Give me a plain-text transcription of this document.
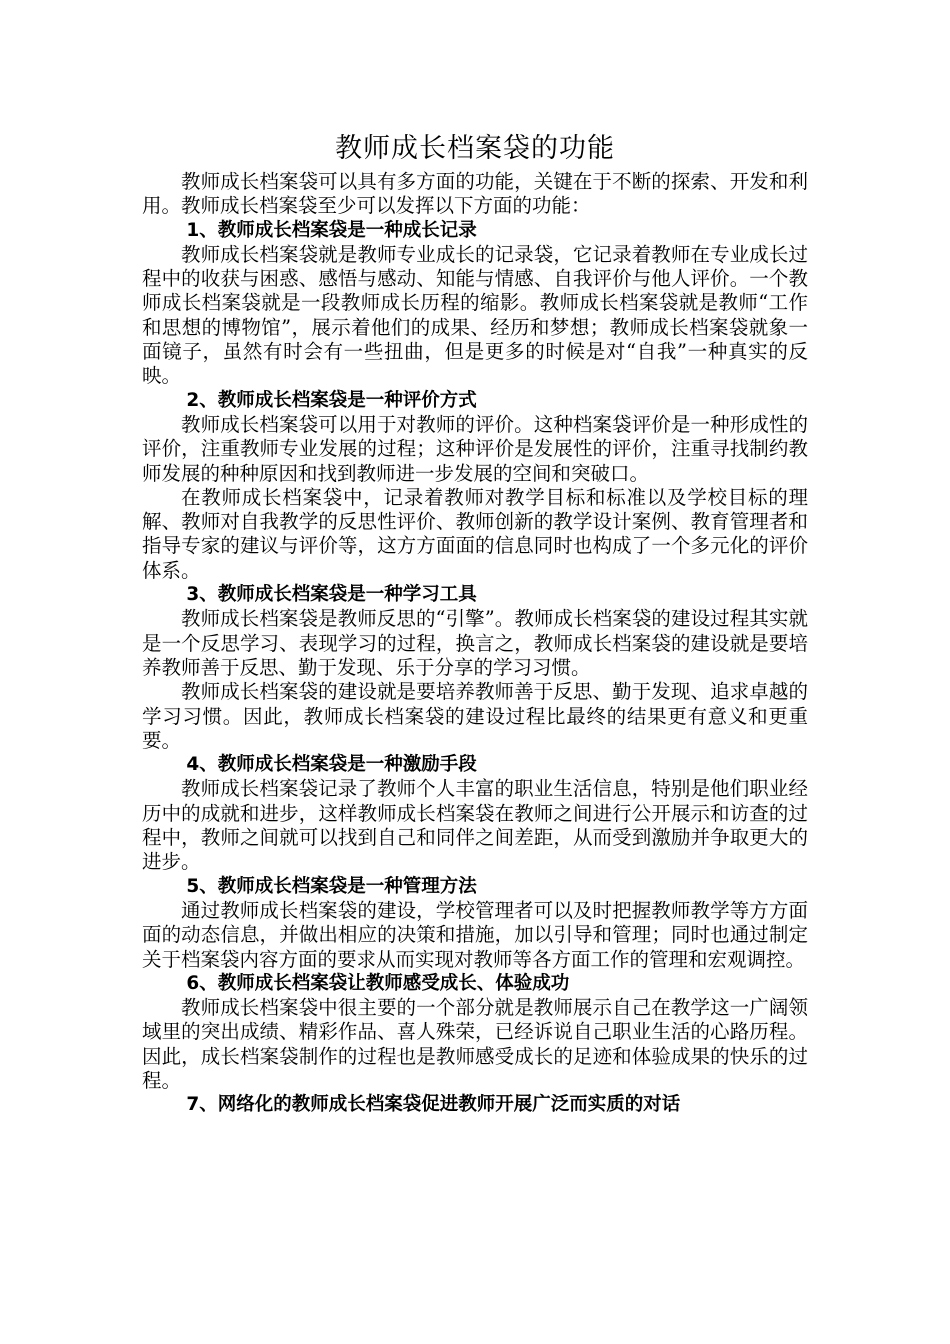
教师成长档案袋的功能

教师成长档案袋可以具有多方面的功能，关键在于不断的探索、开发和利用。教师成长档案袋至少可以发挥以下方面的功能：

1、教师成长档案袋是一种成长记录

教师成长档案袋就是教师专业成长的记录袋，它记录着教师在专业成长过程中的收获与困惑、感悟与感动、知能与情感、自我评价与他人评价。一个教师成长档案袋就是一段教师成长历程的缩影。教师成长档案袋就是教师“工作和思想的博物馆”，展示着他们的成果、经历和梦想；教师成长档案袋就象一面镜子，虽然有时会有一些扭曲，但是更多的时候是对“自我”一种真实的反映。

2、教师成长档案袋是一种评价方式

教师成长档案袋可以用于对教师的评价。这种档案袋评价是一种形成性的评价，注重教师专业发展的过程；这种评价是发展性的评价，注重寻找制约教师发展的种种原因和找到教师进一步发展的空间和突破口。

在教师成长档案袋中，记录着教师对教学目标和标准以及学校目标的理解、教师对自我教学的反思性评价、教师创新的教学设计案例、教育管理者和指导专家的建议与评价等，这方方面面的信息同时也构成了一个多元化的评价体系。

3、教师成长档案袋是一种学习工具

教师成长档案袋是教师反思的“引擎”。教师成长档案袋的建设过程其实就是一个反思学习、表现学习的过程，换言之，教师成长档案袋的建设就是要培养教师善于反思、勤于发现、乐于分享的学习习惯。

教师成长档案袋的建设就是要培养教师善于反思、勤于发现、追求卓越的学习习惯。因此，教师成长档案袋的建设过程比最终的结果更有意义和更重要。

4、教师成长档案袋是一种激励手段

教师成长档案袋记录了教师个人丰富的职业生活信息，特别是他们职业经历中的成就和进步，这样教师成长档案袋在教师之间进行公开展示和访查的过程中，教师之间就可以找到自己和同伴之间差距，从而受到激励并争取更大的进步。

5、教师成长档案袋是一种管理方法

通过教师成长档案袋的建设，学校管理者可以及时把握教师教学等方方面面的动态信息，并做出相应的决策和措施，加以引导和管理；同时也通过制定关于档案袋内容方面的要求从而实现对教师等各方面工作的管理和宏观调控。

6、教师成长档案袋让教师感受成长、体验成功

教师成长档案袋中很主要的一个部分就是教师展示自己在教学这一广阔领域里的突出成绩、精彩作品、喜人殊荣，已经诉说自己职业生活的心路历程。因此，成长档案袋制作的过程也是教师感受成长的足迹和体验成果的快乐的过程。

7、网络化的教师成长档案袋促进教师开展广泛而实质的对话
